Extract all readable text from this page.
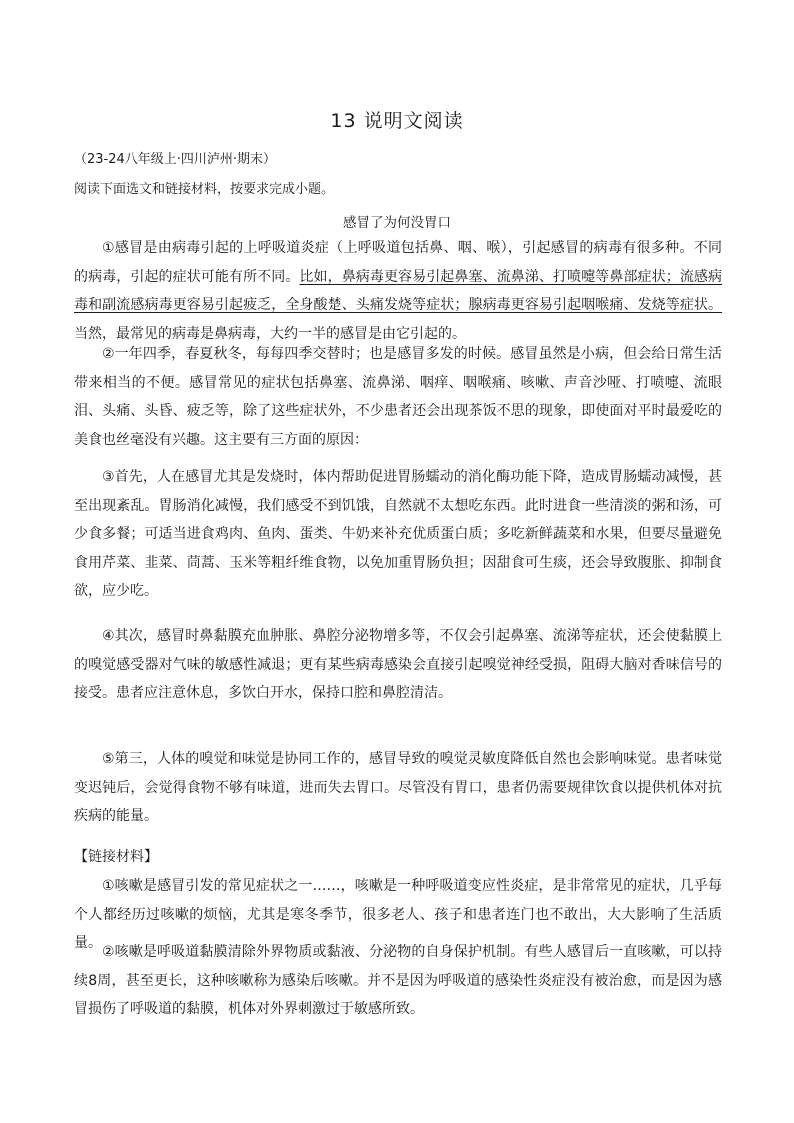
13 说明文阅读
（23-24八年级上·四川泸州·期末）
阅读下面选文和链接材料，按要求完成小题。
感冒了为何没胃口

①感冒是由病毒引起的上呼吸道炎症（上呼吸道包括鼻、咽、喉），引起感冒的病毒有很多种。不同的病毒，引起的症状可能有所不同。比如，鼻病毒更容易引起鼻塞、流鼻涕、打喷嚏等鼻部症状；流感病毒和副流感病毒更容易引起疲乏，全身酸楚、头痛发烧等症状；腺病毒更容易引起咽喉痛、发烧等症状。当然，最常见的病毒是鼻病毒，大约一半的感冒是由它引起的。

②一年四季，春夏秋冬，每每四季交替时；也是感冒多发的时候。感冒虽然是小病，但会给日常生活带来相当的不便。感冒常见的症状包括鼻塞、流鼻涕、咽痒、咽喉痛、咳嗽、声音沙哑、打喷嚏、流眼泪、头痛、头昏、疲乏等，除了这些症状外，不少患者还会出现茶饭不思的现象，即使面对平时最爱吃的美食也丝毫没有兴趣。这主要有三方面的原因：

③首先，人在感冒尤其是发烧时，体内帮助促进胃肠蠕动的消化酶功能下降，造成胃肠蠕动减慢，甚至出现紊乱。胃肠消化减慢，我们感受不到饥饿，自然就不太想吃东西。此时进食一些清淡的粥和汤，可少食多餐；可适当进食鸡肉、鱼肉、蛋类、牛奶来补充优质蛋白质；多吃新鲜蔬菜和水果，但要尽量避免食用芹菜、韭菜、茼蒿、玉米等粗纤维食物，以免加重胃肠负担；因甜食可生痰，还会导致腹胀、抑制食欲，应少吃。

④其次，感冒时鼻黏膜充血肿胀、鼻腔分泌物增多等，不仅会引起鼻塞、流涕等症状，还会使黏膜上的嗅觉感受器对气味的敏感性减退；更有某些病毒感染会直接引起嗅觉神经受损，阻碍大脑对香味信号的接受。患者应注意休息，多饮白开水，保持口腔和鼻腔清洁。

⑤第三，人体的嗅觉和味觉是协同工作的，感冒导致的嗅觉灵敏度降低自然也会影响味觉。患者味觉变迟钝后，会觉得食物不够有味道，进而失去胃口。尽管没有胃口，患者仍需要规律饮食以提供机体对抗疾病的能量。

【链接材料】

①咳嗽是感冒引发的常见症状之一……，咳嗽是一种呼吸道变应性炎症，是非常常见的症状，几乎每个人都经历过咳嗽的烦恼，尤其是寒冬季节，很多老人、孩子和患者连门也不敢出，大大影响了生活质量。

②咳嗽是呼吸道黏膜清除外界物质或黏液、分泌物的自身保护机制。有些人感冒后一直咳嗽，可以持续8周，甚至更长，这种咳嗽称为感染后咳嗽。并不是因为呼吸道的感染性炎症没有被治愈，而是因为感冒损伤了呼吸道的黏膜，机体对外界刺激过于敏感所致。
